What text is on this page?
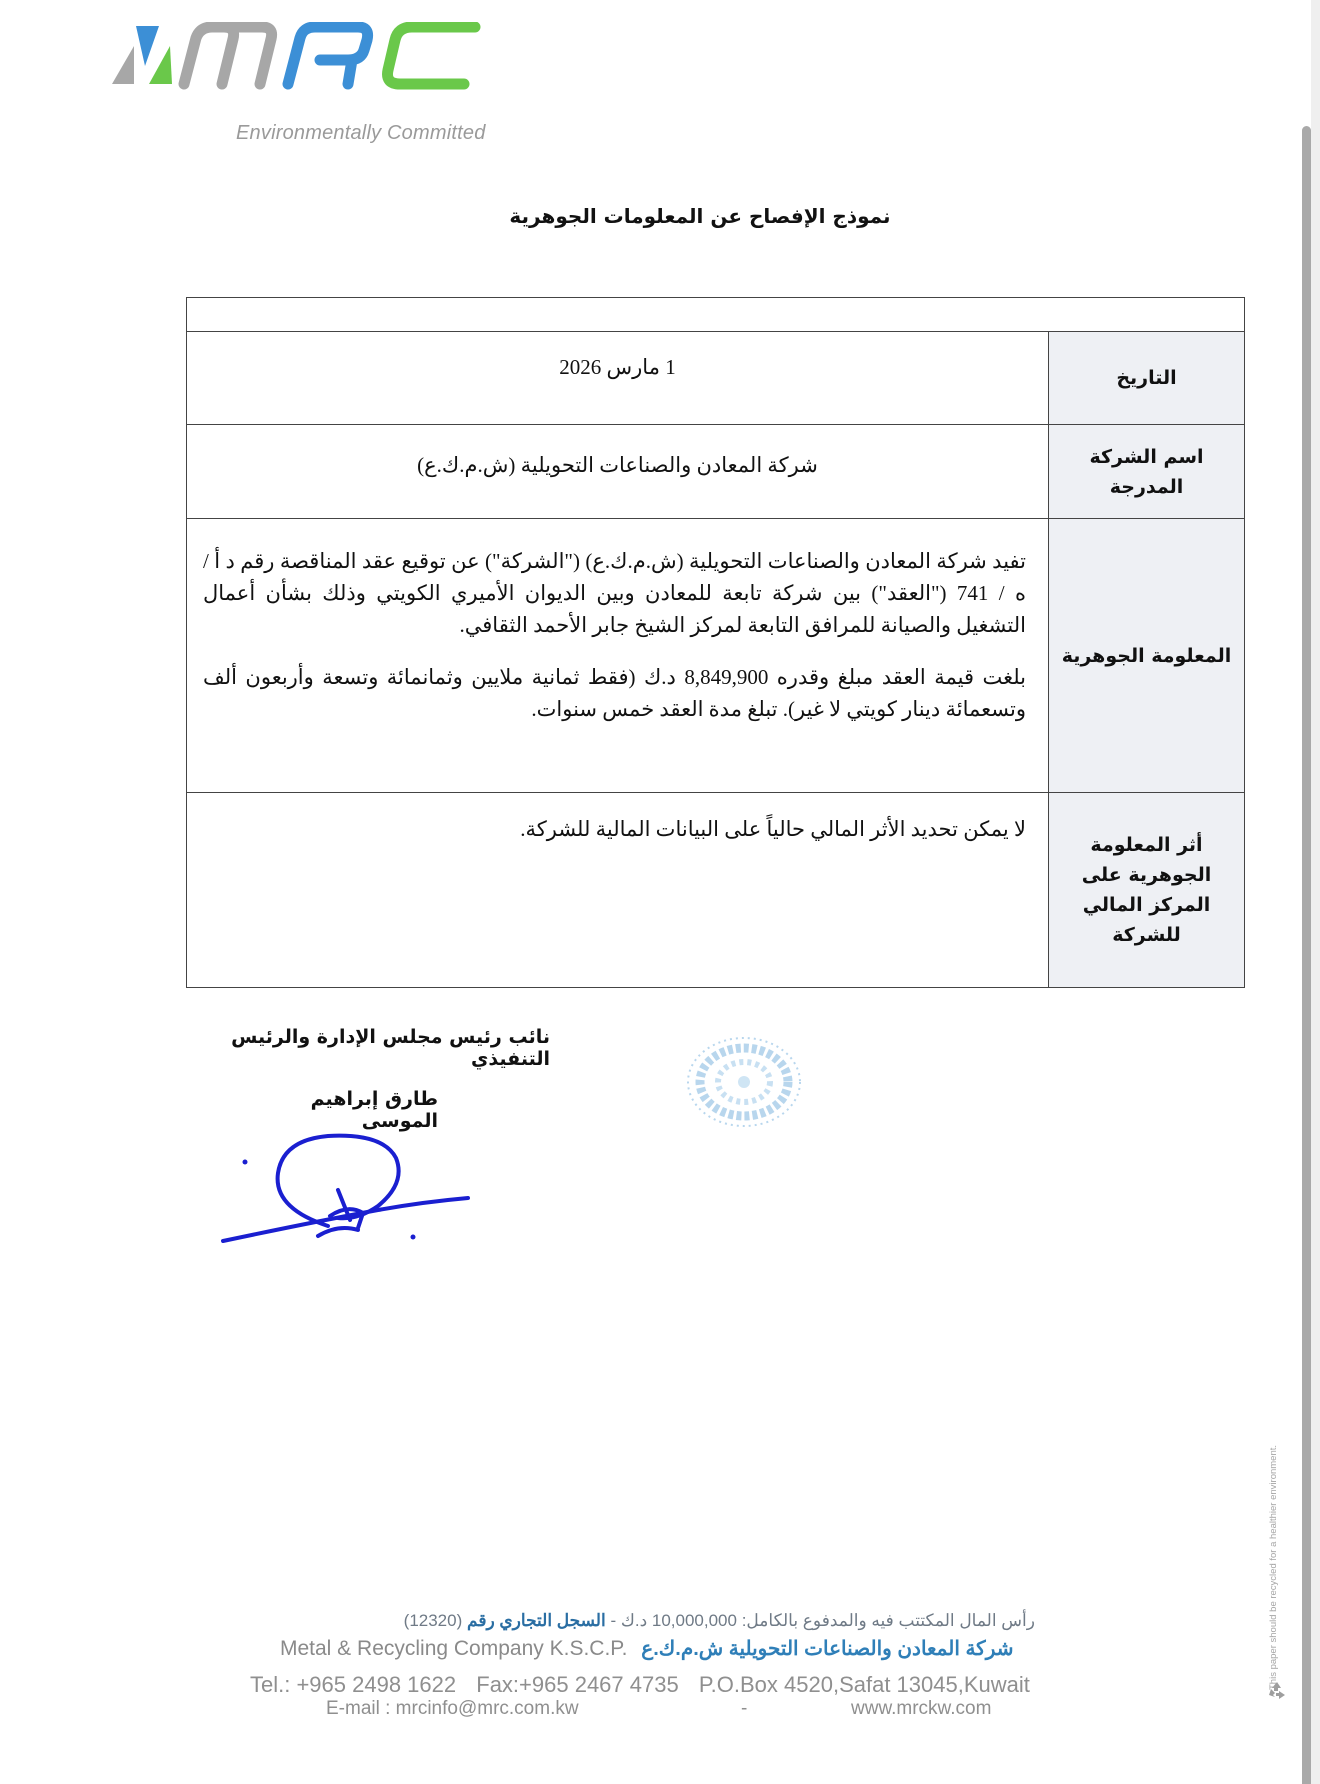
MRC
Environmentally Committed
نموذج الإفصاح عن المعلومات الجوهرية
التاريخ
1 مارس 2026
اسم الشركة المدرجة
شركة المعادن والصناعات التحويلية (ش.م.ك.ع)
المعلومة الجوهرية

تفيد شركة المعادن والصناعات التحويلية (ش.م.ك.ع) ("الشركة") عن توقيع عقد المناقصة رقم د أ / ه / 741 ("العقد") بين شركة تابعة للمعادن وبين الديوان الأميري الكويتي وذلك بشأن أعمال التشغيل والصيانة للمرافق التابعة لمركز الشيخ جابر الأحمد الثقافي.

بلغت قيمة العقد مبلغ وقدره 8,849,900 د.ك (فقط ثمانية ملايين وثمانمائة وتسعة وأربعون ألف وتسعمائة دينار كويتي لا غير). تبلغ مدة العقد خمس سنوات.

أثر المعلومة الجوهرية على المركز المالي للشركة
لا يمكن تحديد الأثر المالي حالياً على البيانات المالية للشركة.
نائب رئيس مجلس الإدارة والرئيس التنفيذي
طارق إبراهيم الموسى
رأس المال المكتتب فيه والمدفوع بالكامل: 10,000,000 د.ك - السجل التجاري رقم (12320)
Metal & Recycling Company K.S.C.P. شركة المعادن والصناعات التحويلية ش.م.ك.ع
Tel.: +965 2498 1622 Fax:+965 2467 4735 P.O.Box 4520,Safat 13045,Kuwait
E-mail : mrcinfo@mrc.com.kw	-	www.mrckw.com
This paper should be recycled for a healthier environment.
